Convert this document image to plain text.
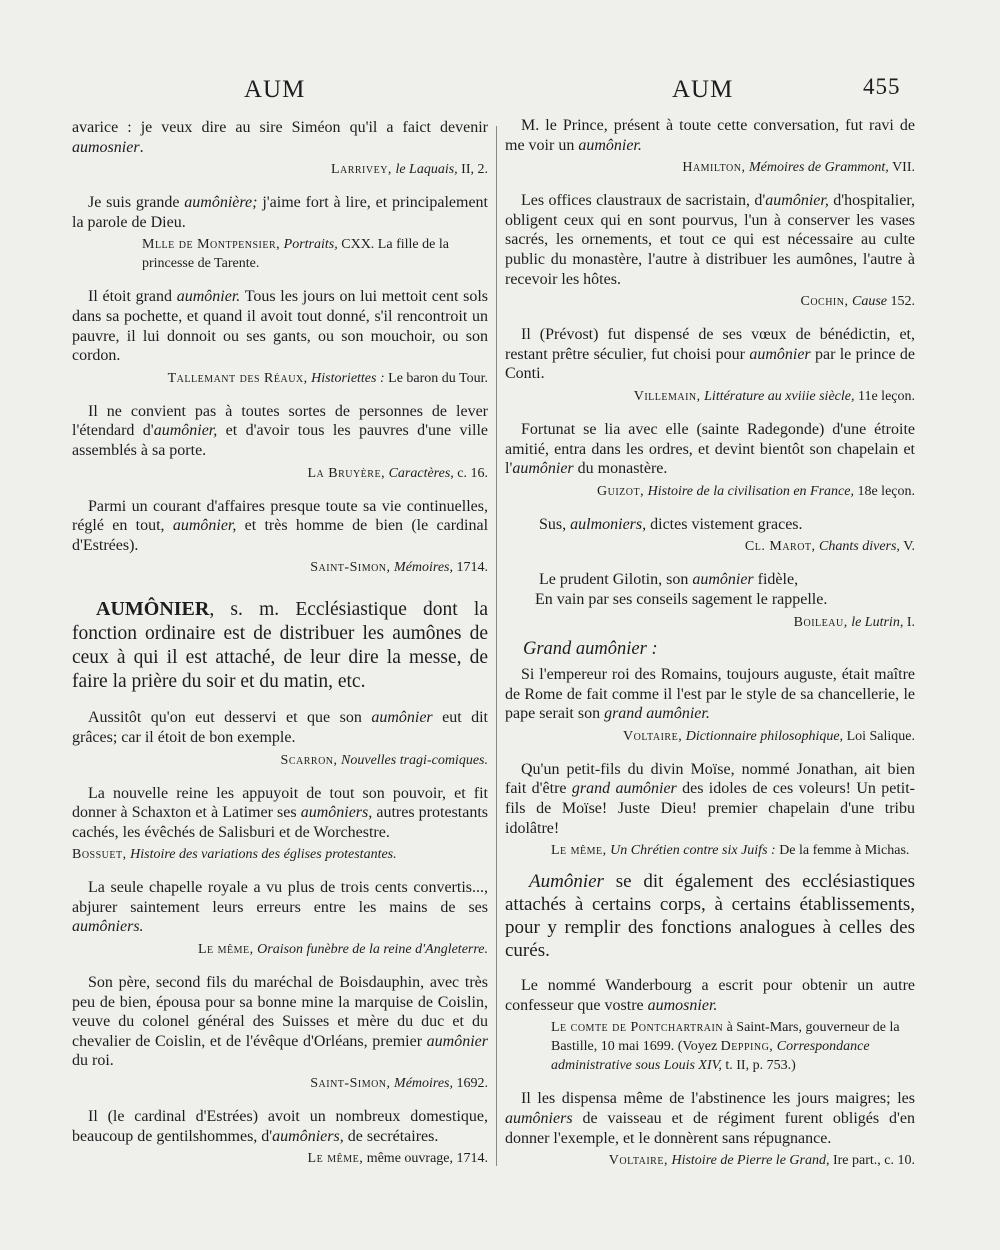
AUM	AUM	455

avarice : je veux dire au sire Siméon qu'il a faict devenir aumosnier.

Larrivey, le Laquais, II, 2.

Je suis grande aumônière; j'aime fort à lire, et principalement la parole de Dieu.

Mlle de Montpensier, Portraits, CXX. La fille de la princesse de Tarente.

Il étoit grand aumônier. Tous les jours on lui mettoit cent sols dans sa pochette, et quand il avoit tout donné, s'il rencontroit un pauvre, il lui donnoit ou ses gants, ou son mouchoir, ou son cordon.

Tallemant des Réaux, Historiettes : Le baron du Tour.

Il ne convient pas à toutes sortes de personnes de lever l'étendard d'aumônier, et d'avoir tous les pauvres d'une ville assemblés à sa porte.

La Bruyère, Caractères, c. 16.

Parmi un courant d'affaires presque toute sa vie continuelles, réglé en tout, aumônier, et très homme de bien (le cardinal d'Estrées).

Saint-Simon, Mémoires, 1714.

AUMÔNIER, s. m. Ecclésiastique dont la fonction ordinaire est de distribuer les aumônes de ceux à qui il est attaché, de leur dire la messe, de faire la prière du soir et du matin, etc.

Aussitôt qu'on eut desservi et que son aumônier eut dit grâces; car il étoit de bon exemple.

Scarron, Nouvelles tragi-comiques.

La nouvelle reine les appuyoit de tout son pouvoir, et fit donner à Schaxton et à Latimer ses aumôniers, autres protestants cachés, les évêchés de Salisburi et de Worchestre.

Bossuet, Histoire des variations des églises protestantes.

La seule chapelle royale a vu plus de trois cents convertis..., abjurer saintement leurs erreurs entre les mains de ses aumôniers.

Le même, Oraison funèbre de la reine d'Angleterre.

Son père, second fils du maréchal de Boisdauphin, avec très peu de bien, épousa pour sa bonne mine la marquise de Coislin, veuve du colonel général des Suisses et mère du duc et du chevalier de Coislin, et de l'évêque d'Orléans, premier aumônier du roi.

Saint-Simon, Mémoires, 1692.

Il (le cardinal d'Estrées) avoit un nombreux domestique, beaucoup de gentilshommes, d'aumôniers, de secrétaires.

Le même, même ouvrage, 1714.

M. le Prince, présent à toute cette conversation, fut ravi de me voir un aumônier.

Hamilton, Mémoires de Grammont, VII.

Les offices claustraux de sacristain, d'aumônier, d'hospitalier, obligent ceux qui en sont pourvus, l'un à conserver les vases sacrés, les ornements, et tout ce qui est nécessaire au culte public du monastère, l'autre à distribuer les aumônes, l'autre à recevoir les hôtes.

Cochin, Cause 152.

Il (Prévost) fut dispensé de ses vœux de bénédictin, et, restant prêtre séculier, fut choisi pour aumônier par le prince de Conti.

Villemain, Littérature au xviiie siècle, 11e leçon.

Fortunat se lia avec elle (sainte Radegonde) d'une étroite amitié, entra dans les ordres, et devint bientôt son chapelain et l'aumônier du monastère.

Guizot, Histoire de la civilisation en France, 18e leçon.

Sus, aulmoniers, dictes vistement graces.

Cl. Marot, Chants divers, V.

Le prudent Gilotin, son aumônier fidèle,

En vain par ses conseils sagement le rappelle.

Boileau, le Lutrin, I.

Grand aumônier :

Si l'empereur roi des Romains, toujours auguste, était maître de Rome de fait comme il l'est par le style de sa chancellerie, le pape serait son grand aumônier.

Voltaire, Dictionnaire philosophique, Loi Salique.

Qu'un petit-fils du divin Moïse, nommé Jonathan, ait bien fait d'être grand aumônier des idoles de ces voleurs! Un petit-fils de Moïse! Juste Dieu! premier chapelain d'une tribu idolâtre!

Le même, Un Chrétien contre six Juifs : De la femme à Michas.

Aumônier se dit également des ecclésiastiques attachés à certains corps, à certains établissements, pour y remplir des fonctions analogues à celles des curés.

Le nommé Wanderbourg a escrit pour obtenir un autre confesseur que vostre aumosnier.

Le comte de Pontchartrain à Saint-Mars, gouverneur de la Bastille, 10 mai 1699. (Voyez Depping, Correspondance administrative sous Louis XIV, t. II, p. 753.)

Il les dispensa même de l'abstinence les jours maigres; les aumôniers de vaisseau et de régiment furent obligés d'en donner l'exemple, et le donnèrent sans répugnance.

Voltaire, Histoire de Pierre le Grand, Ire part., c. 10.
